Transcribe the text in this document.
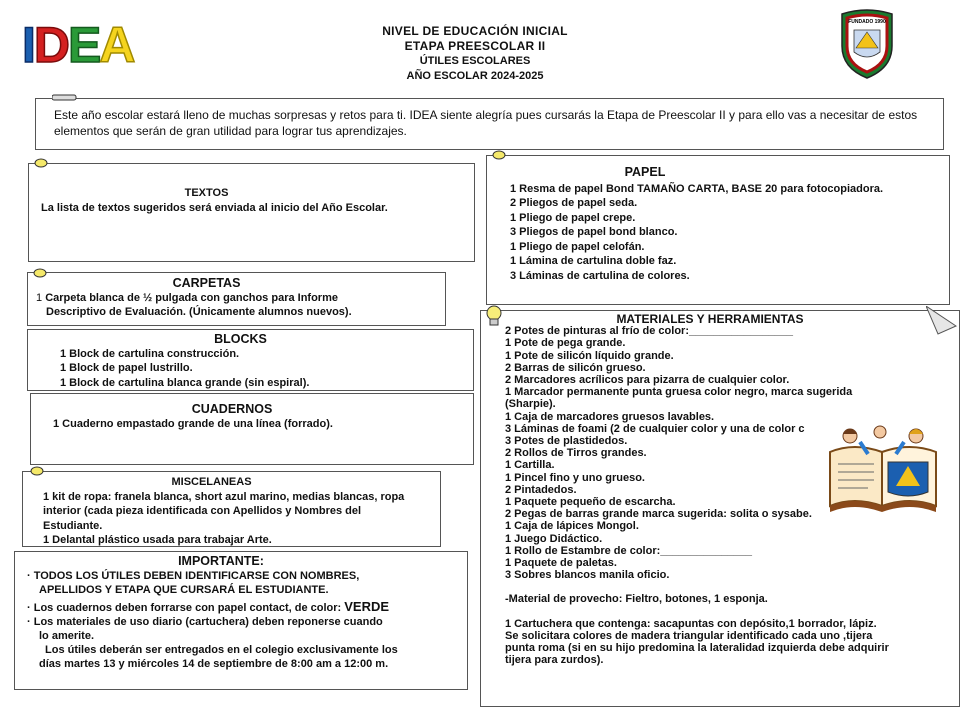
IDEA	NIVEL DE EDUCACIÓN INICIAL
ETAPA PREESCOLAR II
ÚTILES ESCOLARES
AÑO ESCOLAR 2024-2025
FUNDADO 1990

Este año escolar estará lleno de muchas sorpresas y retos para ti. IDEA siente alegría pues cursarás la Etapa de Preescolar II y para ello vas a necesitar de estos elementos que serán de gran utilidad para lograr tus aprendizajes.

TEXTOS
La lista de textos sugeridos será enviada al inicio del Año Escolar.
CARPETAS
1 Carpeta blanca de ½ pulgada con ganchos para Informe
Descriptivo de Evaluación. (Únicamente alumnos nuevos).
BLOCKS
1 Block de cartulina construcción.
1 Block de papel lustrillo.
1 Block de cartulina blanca grande (sin espiral).
CUADERNOS
1 Cuaderno empastado grande de una línea (forrado).
MISCELANEAS
1 kit de ropa: franela blanca, short azul marino, medias blancas, ropa
interior (cada pieza identificada con Apellidos y Nombres del
Estudiante.
1 Delantal plástico usada para trabajar Arte.
IMPORTANTE:
· TODOS LOS ÚTILES DEBEN IDENTIFICARSE CON NOMBRES,
APELLIDOS Y ETAPA QUE CURSARÁ EL ESTUDIANTE.
· Los cuadernos deben forrarse con papel contact, de color: VERDE
· Los materiales de uso diario (cartuchera) deben reponerse cuando
lo amerite.
Los útiles deberán ser entregados en el colegio exclusivamente los
días martes 13 y miércoles 14 de septiembre de 8:00 am a 12:00 m.
PAPEL
1 Resma de papel Bond TAMAÑO CARTA, BASE 20 para fotocopiadora.
2 Pliegos de papel seda.
1 Pliego de papel crepe.
3 Pliegos de papel bond blanco.
1 Pliego de papel celofán.
1 Lámina de cartulina doble faz.
3 Láminas de cartulina de colores.
MATERIALES Y HERRAMIENTAS
2 Potes de pinturas al frío de color:_________________
1 Pote de pega grande.
1 Pote de silicón líquido grande.
2 Barras de silicón grueso.
2 Marcadores acrílicos para pizarra de cualquier color.
1 Marcador permanente punta gruesa color negro, marca sugerida
(Sharpie).
1 Caja de marcadores gruesos lavables.
3 Láminas de foami (2 de cualquier color y una de color c
3 Potes de plastidedos.
2 Rollos de Tirros grandes.
1 Cartilla.
1 Pincel fino y uno grueso.
2 Pintadedos.
1 Paquete pequeño de escarcha.
2 Pegas de barras grande marca sugerida: solita o sysabe.
1 Caja de lápices Mongol.
1 Juego Didáctico.
1 Rollo de Estambre de color:_______________
1 Paquete de paletas.
3 Sobres blancos manila oficio.
-Material de provecho: Fieltro, botones, 1 esponja.
1 Cartuchera que contenga: sacapuntas con depósito,1 borrador, lápiz.
Se solicitara colores de madera triangular identificado cada uno ,tijera
punta roma (si en su hijo predomina la lateralidad izquierda debe adquirir
tijera para zurdos).
